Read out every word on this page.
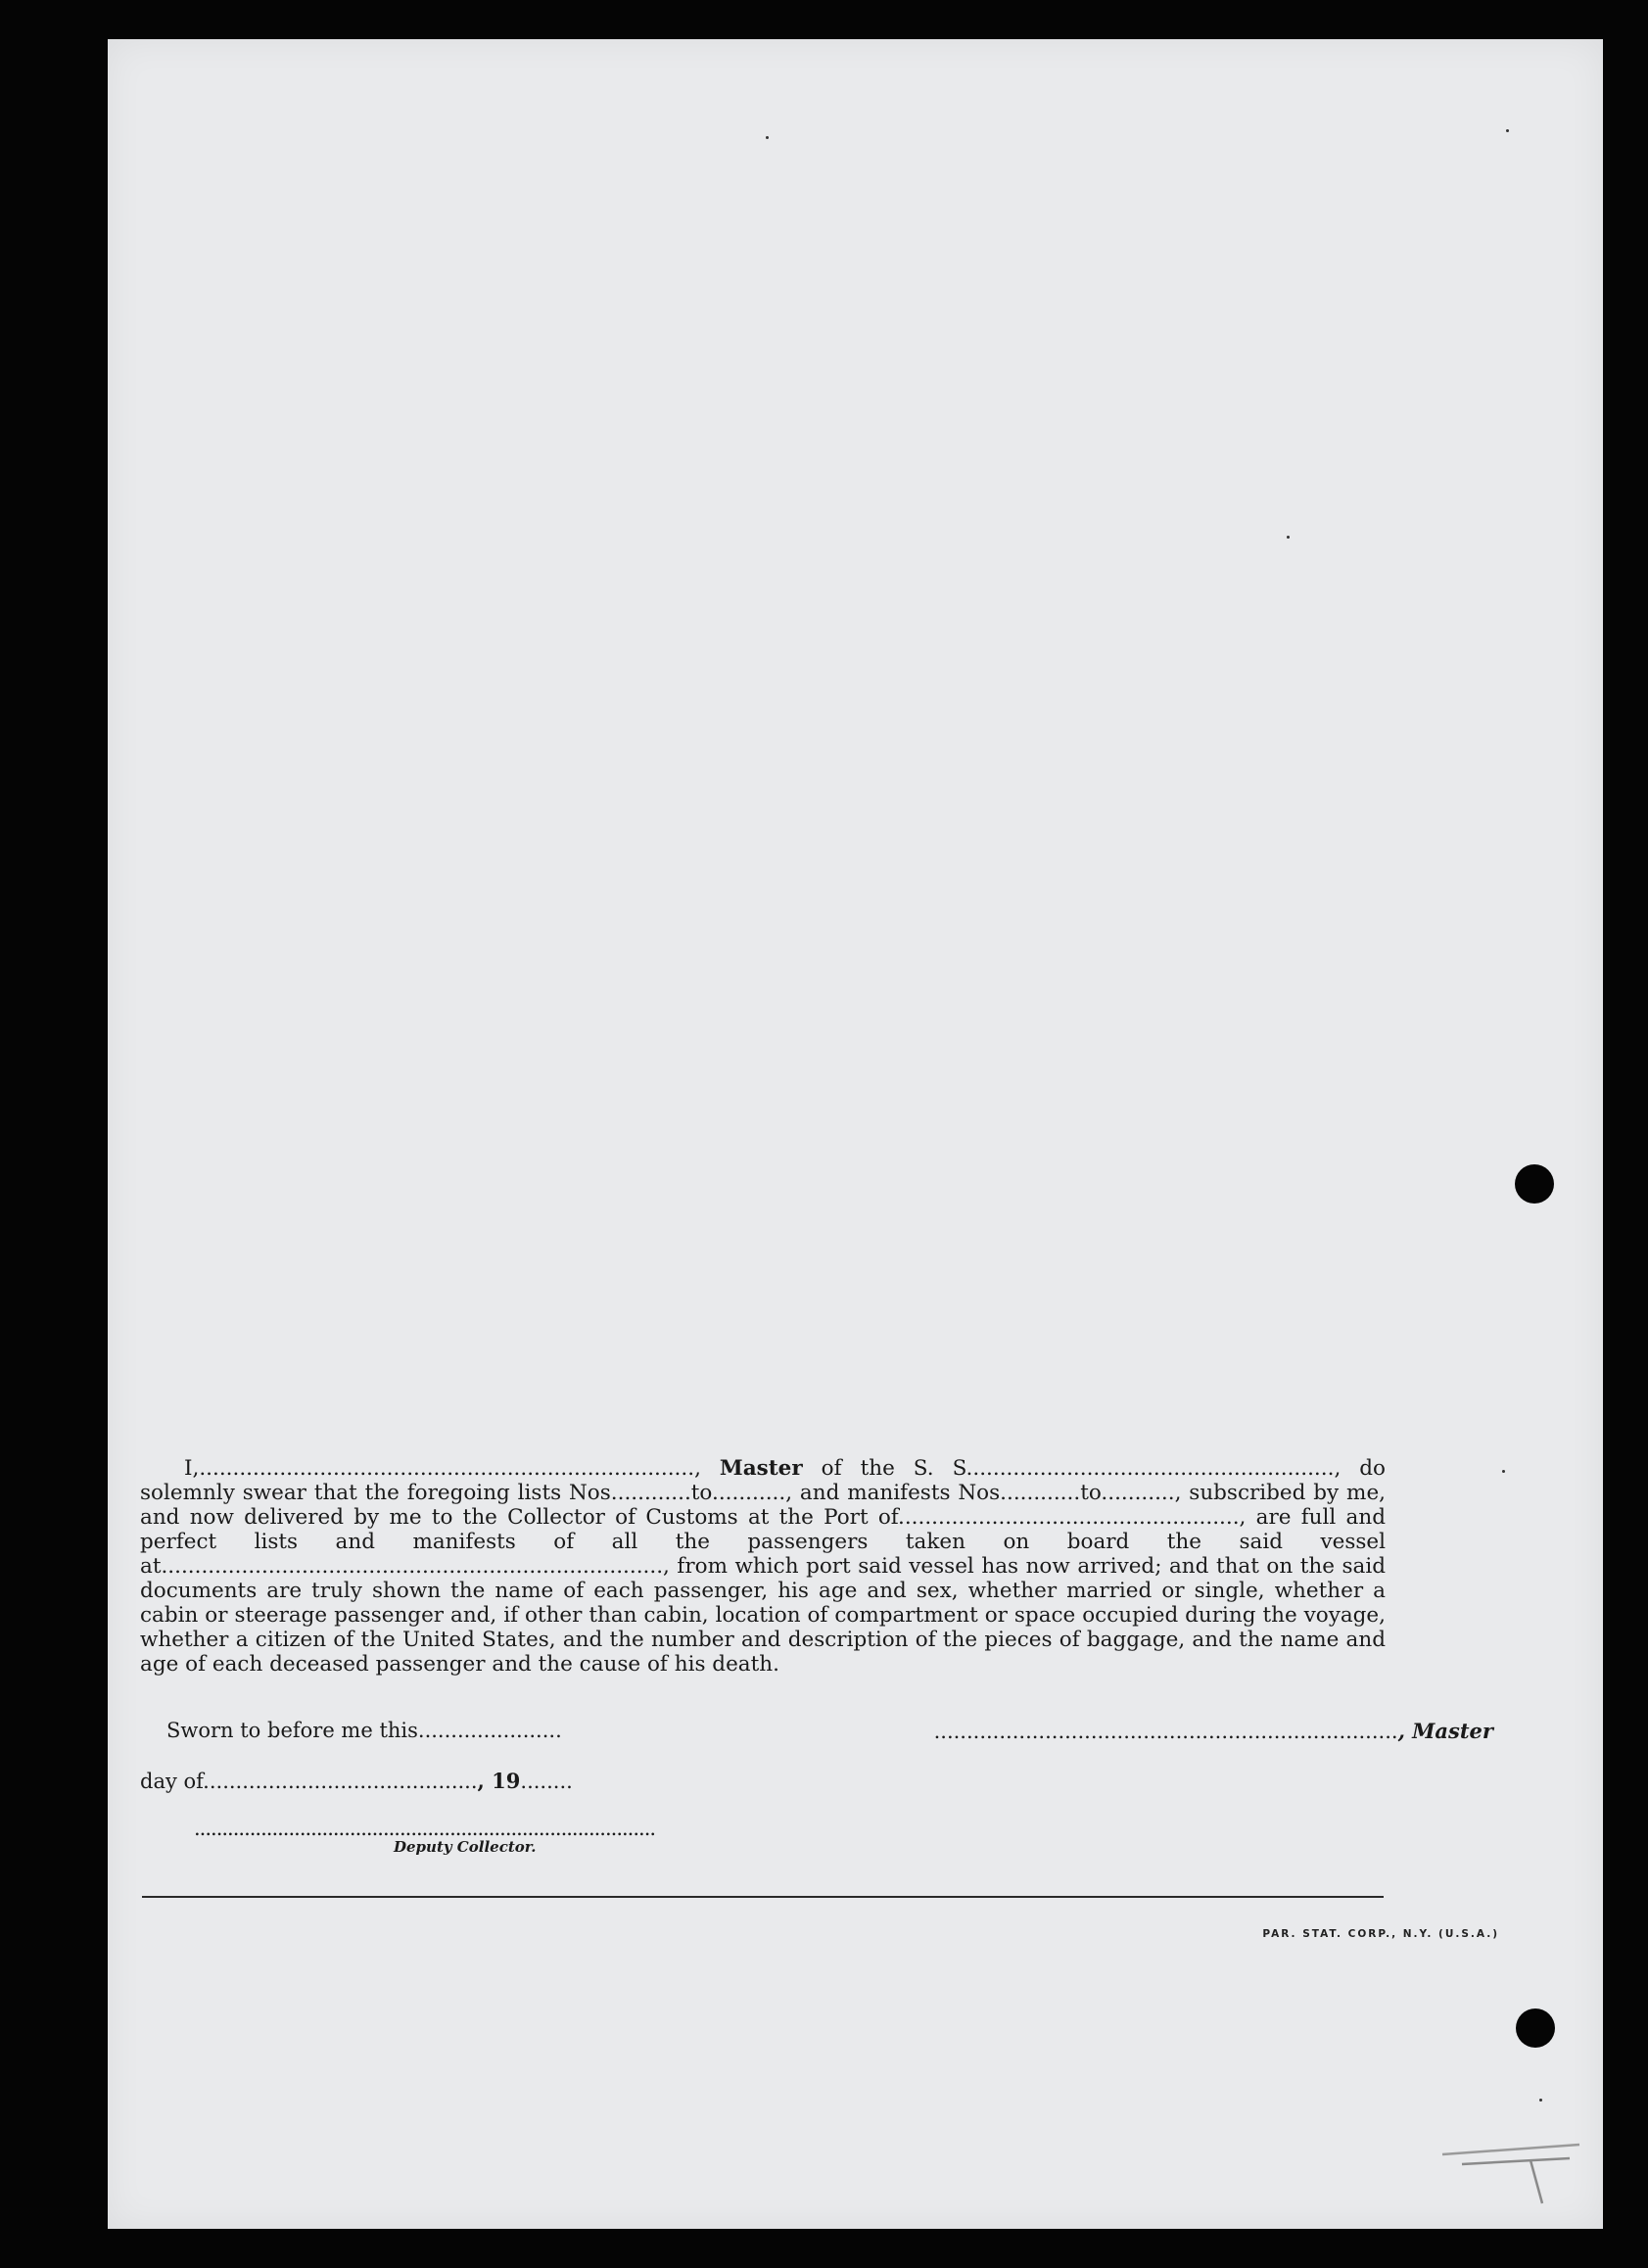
I,.........................................................................., Master of the S. S......................................................., do solemnly swear that the foregoing lists Nos............to..........., and manifests Nos............to..........., subscribed by me, and now delivered by me to the Collector of Customs at the Port of..................................................., are full and perfect lists and manifests of all the passengers taken on board the said vessel at..........................................................................., from which port said vessel has now arrived; and that on the said documents are truly shown the name of each passenger, his age and sex, whether married or single, whether a cabin or steerage passenger and, if other than cabin, location of compartment or space occupied during the voyage, whether a citizen of the United States, and the number and description of the pieces of baggage, and the name and age of each deceased passenger and the cause of his death.
Sworn to before me this......................	......................................................................., Master
day of.........................................., 19........
...................................................................................
Deputy Collector.
PAR. STAT. CORP., N.Y. (U.S.A.)
